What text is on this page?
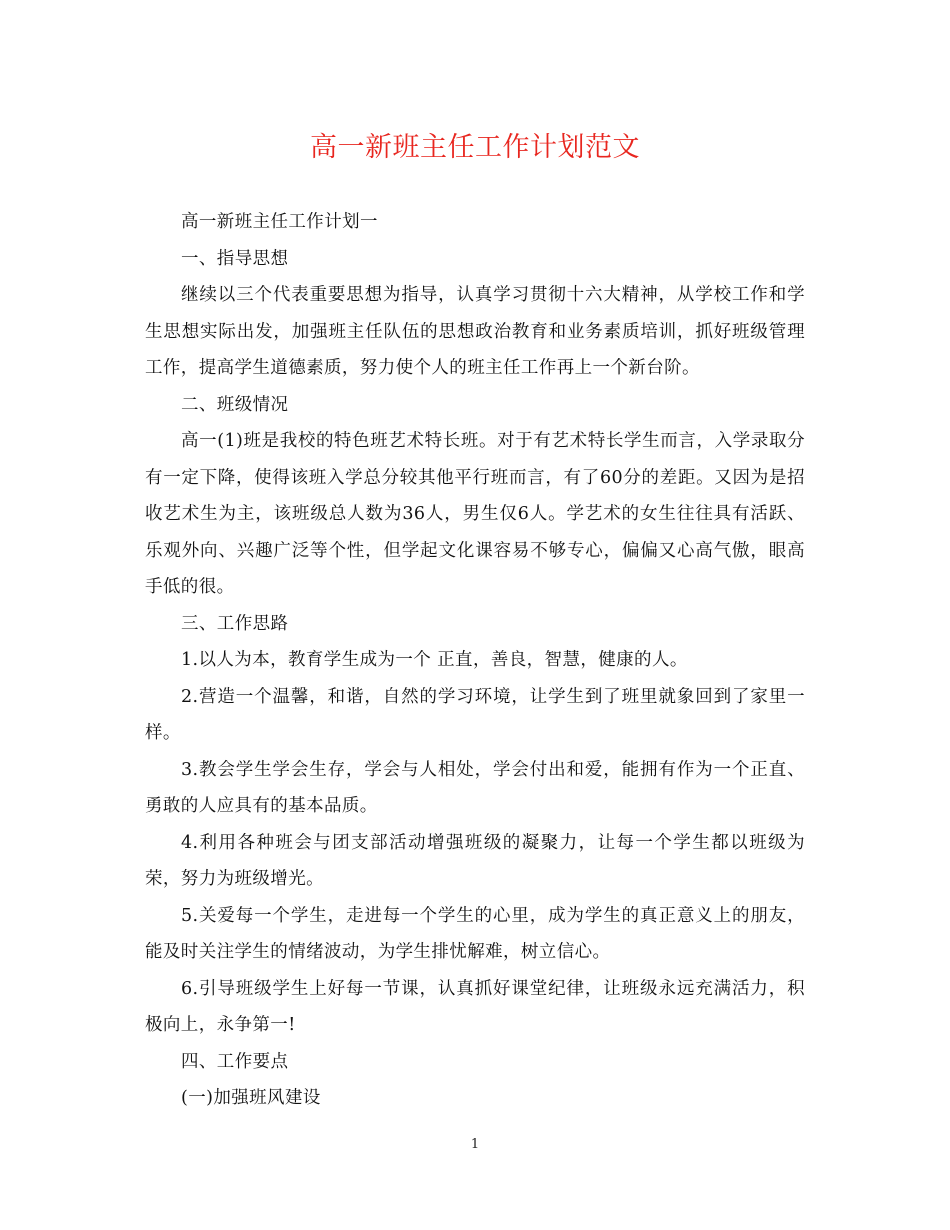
高一新班主任工作计划范文

高一新班主任工作计划一

一、指导思想

继续以三个代表重要思想为指导，认真学习贯彻十六大精神，从学校工作和学生思想实际出发，加强班主任队伍的思想政治教育和业务素质培训，抓好班级管理工作，提高学生道德素质，努力使个人的班主任工作再上一个新台阶。

二、班级情况

高一(1)班是我校的特色班艺术特长班。对于有艺术特长学生而言，入学录取分有一定下降，使得该班入学总分较其他平行班而言，有了60分的差距。又因为是招收艺术生为主，该班级总人数为36人，男生仅6人。学艺术的女生往往具有活跃、乐观外向、兴趣广泛等个性，但学起文化课容易不够专心，偏偏又心高气傲，眼高手低的很。

三、工作思路

1.以人为本，教育学生成为一个 正直，善良，智慧，健康的人。

2.营造一个温馨，和谐，自然的学习环境，让学生到了班里就象回到了家里一样。

3.教会学生学会生存，学会与人相处，学会付出和爱，能拥有作为一个正直、勇敢的人应具有的基本品质。

4.利用各种班会与团支部活动增强班级的凝聚力，让每一个学生都以班级为荣，努力为班级增光。

5.关爱每一个学生，走进每一个学生的心里，成为学生的真正意义上的朋友，能及时关注学生的情绪波动，为学生排忧解难，树立信心。

6.引导班级学生上好每一节课，认真抓好课堂纪律，让班级永远充满活力，积极向上，永争第一!

四、工作要点

(一)加强班风建设

1
